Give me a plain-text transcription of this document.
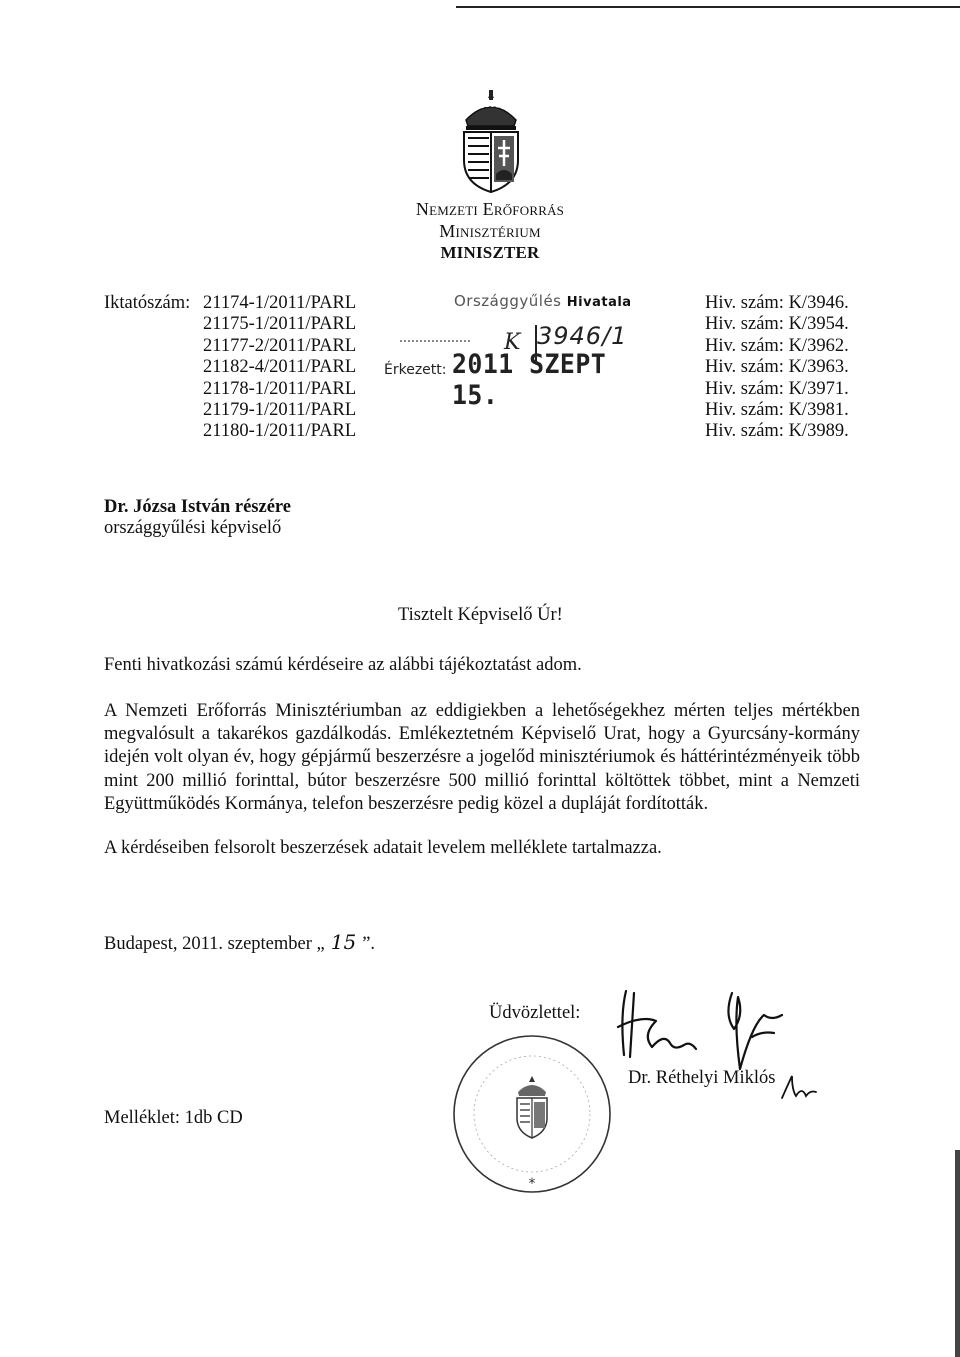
Nemzeti Erőforrás
Minisztérium
MINISZTER
Iktatószám: 21174-1/2011/PARL
21175-1/2011/PARL
21177-2/2011/PARL
21182-4/2011/PARL
21178-1/2011/PARL
21179-1/2011/PARL
21180-1/2011/PARL
Országgyűlés Hivatala
K 3946/1
Érkezett: 2011 SZEPT 15.
Hiv. szám: K/3946.
Hiv. szám: K/3954.
Hiv. szám: K/3962.
Hiv. szám: K/3963.
Hiv. szám: K/3971.
Hiv. szám: K/3981.
Hiv. szám: K/3989.
Dr. Józsa István részére
országgyűlési képviselő
Tisztelt Képviselő Úr!
Fenti hivatkozási számú kérdéseire az alábbi tájékoztatást adom.
A Nemzeti Erőforrás Minisztériumban az eddigiekben a lehetőségekhez mérten teljes mértékben megvalósult a takarékos gazdálkodás. Emlékeztetném Képviselő Urat, hogy a Gyurcsány-kormány idején volt olyan év, hogy gépjármű beszerzésre a jogelőd minisztériumok és háttérintézményeik több mint 200 millió forinttal, bútor beszerzésre 500 millió forinttal költöttek többet, mint a Nemzeti Együttműködés Kormánya, telefon beszerzésre pedig közel a dupláját fordították.
A kérdéseiben felsorolt beszerzések adatait levelem melléklete tartalmazza.
Budapest, 2011. szeptember „ 15 ”.
Üdvözlettel:
*
Dr. Réthelyi Miklós
Melléklet: 1db CD
